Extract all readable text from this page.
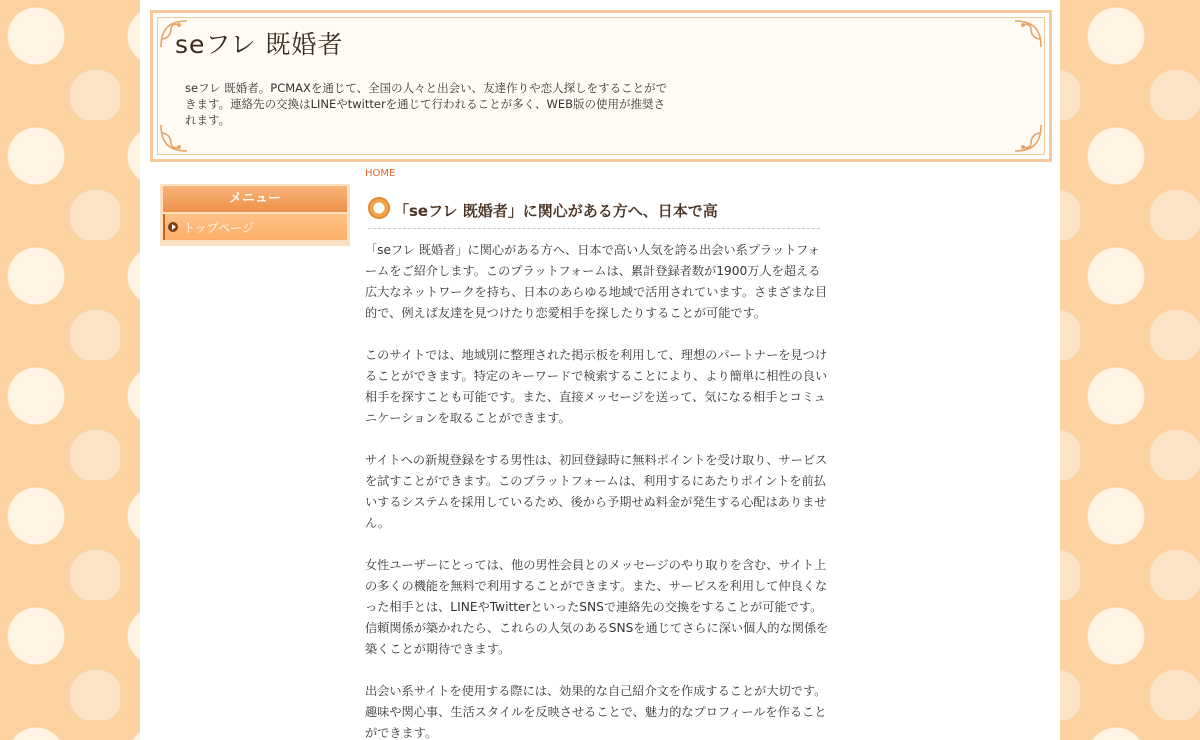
seフレ 既婚者

seフレ 既婚者。PCMAXを通じて、全国の人々と出会い、友達作りや恋人探しをすることができます。連絡先の交換はLINEやtwitterを通じて行われることが多く、WEB版の使用が推奨されます。

メニュー
トップページ
HOME
「seフレ 既婚者」に関心がある方へ、日本で高

「seフレ 既婚者」に関心がある方へ、日本で高い人気を誇る出会い系プラットフォームをご紹介します。このプラットフォームは、累計登録者数が1900万人を超える広大なネットワークを持ち、日本のあらゆる地域で活用されています。さまざまな目的で、例えば友達を見つけたり恋愛相手を探したりすることが可能です。

このサイトでは、地域別に整理された掲示板を利用して、理想のパートナーを見つけることができます。特定のキーワードで検索することにより、より簡単に相性の良い相手を探すことも可能です。また、直接メッセージを送って、気になる相手とコミュニケーションを取ることができます。

サイトへの新規登録をする男性は、初回登録時に無料ポイントを受け取り、サービスを試すことができます。このプラットフォームは、利用するにあたりポイントを前払いするシステムを採用しているため、後から予期せぬ料金が発生する心配はありません。

女性ユーザーにとっては、他の男性会員とのメッセージのやり取りを含む、サイト上の多くの機能を無料で利用することができます。また、サービスを利用して仲良くなった相手とは、LINEやTwitterといったSNSで連絡先の交換をすることが可能です。信頼関係が築かれたら、これらの人気のあるSNSを通じてさらに深い個人的な関係を築くことが期待できます。

出会い系サイトを使用する際には、効果的な自己紹介文を作成することが大切です。趣味や関心事、生活スタイルを反映させることで、魅力的なプロフィールを作ることができます。
